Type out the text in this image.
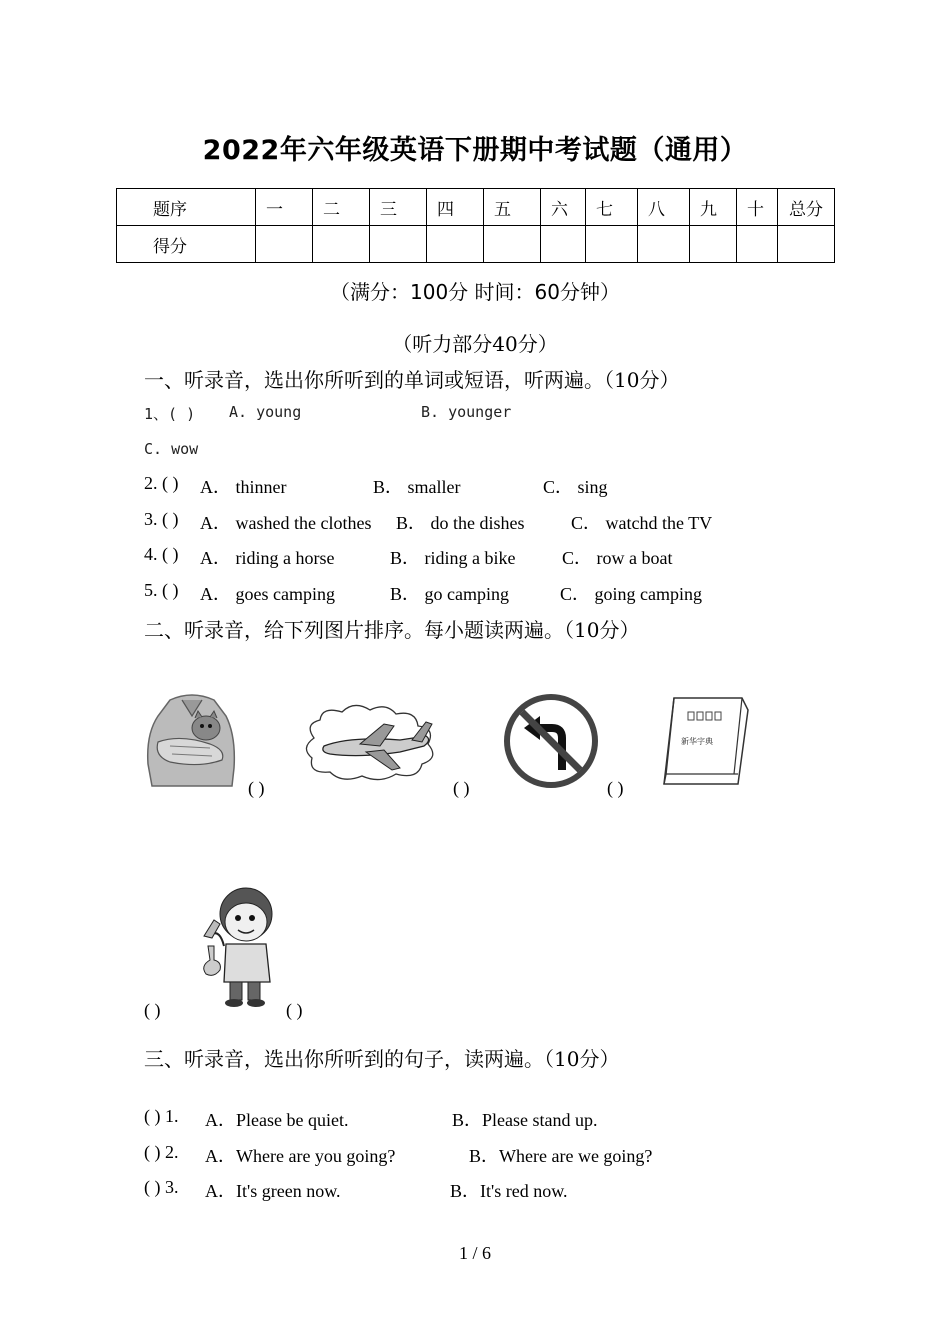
2022年六年级英语下册期中考试题（通用）
题序	一	二	三	四	五	六	七	八	九	十	总分
得分											
（满分：100分 时间：60分钟）
（听力部分40分）
一、听录音，选出你所听到的单词或短语，听两遍。（10分）
1、( ) A. young	B. younger
C. wow
2. ( ) A． thinner	B． smaller	C． sing
3. ( ) A． washed the clothes B． do the dishes	C． watchd the TV
4. ( ) A． riding a horse	B． riding a bike	C． row a boat
5. ( ) A． goes camping	B． go camping	C． going camping
二、听录音，给下列图片排序。每小题读两遍。（10分）
新华字典
( )	( )	( )
( )	( )
三、听录音，选出你所听到的句子，读两遍。（10分）
( ) 1. A．Please be quiet.	B．Please stand up.
( ) 2. A．Where are you going?	B．Where are we going?
( ) 3. A．It's green now.	B．It's red now.
1 / 6
